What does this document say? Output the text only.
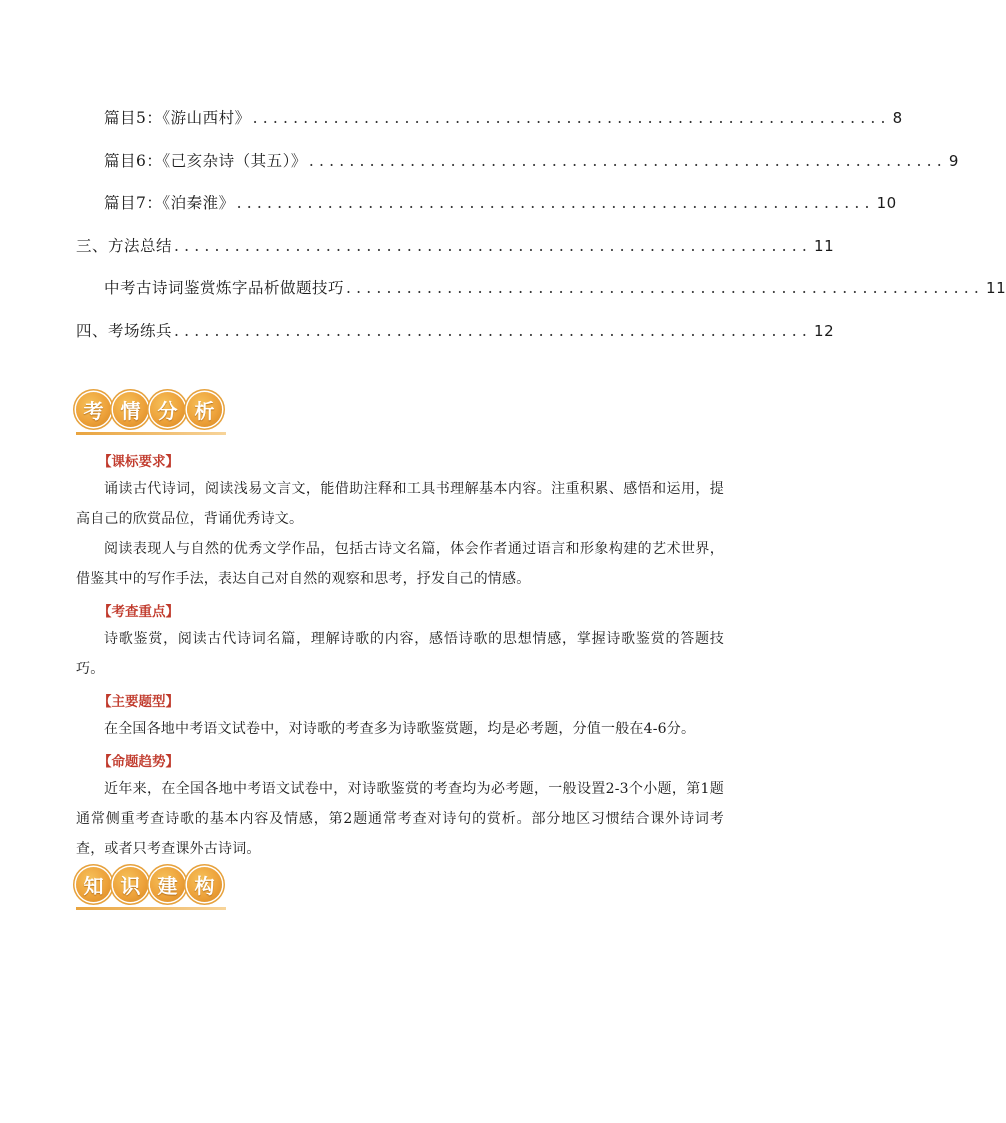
篇目5：《游山西村》 ............................................................... 8
篇目6：《己亥杂诗（其五）》 ............................................................... 9
篇目7：《泊秦淮》 ............................................................... 10
三、方法总结 ............................................................... 11
中考古诗词鉴赏炼字品析做题技巧 ............................................................... 11
四、考场练兵 ............................................................... 12
考 情 分 析
【课标要求】
诵读古代诗词，阅读浅易文言文，能借助注释和工具书理解基本内容。注重积累、感悟和运用，提高自己的欣赏品位，背诵优秀诗文。
阅读表现人与自然的优秀文学作品，包括古诗文名篇，体会作者通过语言和形象构建的艺术世界，借鉴其中的写作手法，表达自己对自然的观察和思考，抒发自己的情感。
【考查重点】
诗歌鉴赏，阅读古代诗词名篇，理解诗歌的内容，感悟诗歌的思想情感，掌握诗歌鉴赏的答题技巧。
【主要题型】
在全国各地中考语文试卷中，对诗歌的考查多为诗歌鉴赏题，均是必考题，分值一般在4-6分。
【命题趋势】
近年来，在全国各地中考语文试卷中，对诗歌鉴赏的考查均为必考题，一般设置2-3个小题，第1题通常侧重考查诗歌的基本内容及情感，第2题通常考查对诗句的赏析。部分地区习惯结合课外诗词考查，或者只考查课外古诗词。
知 识 建 构
